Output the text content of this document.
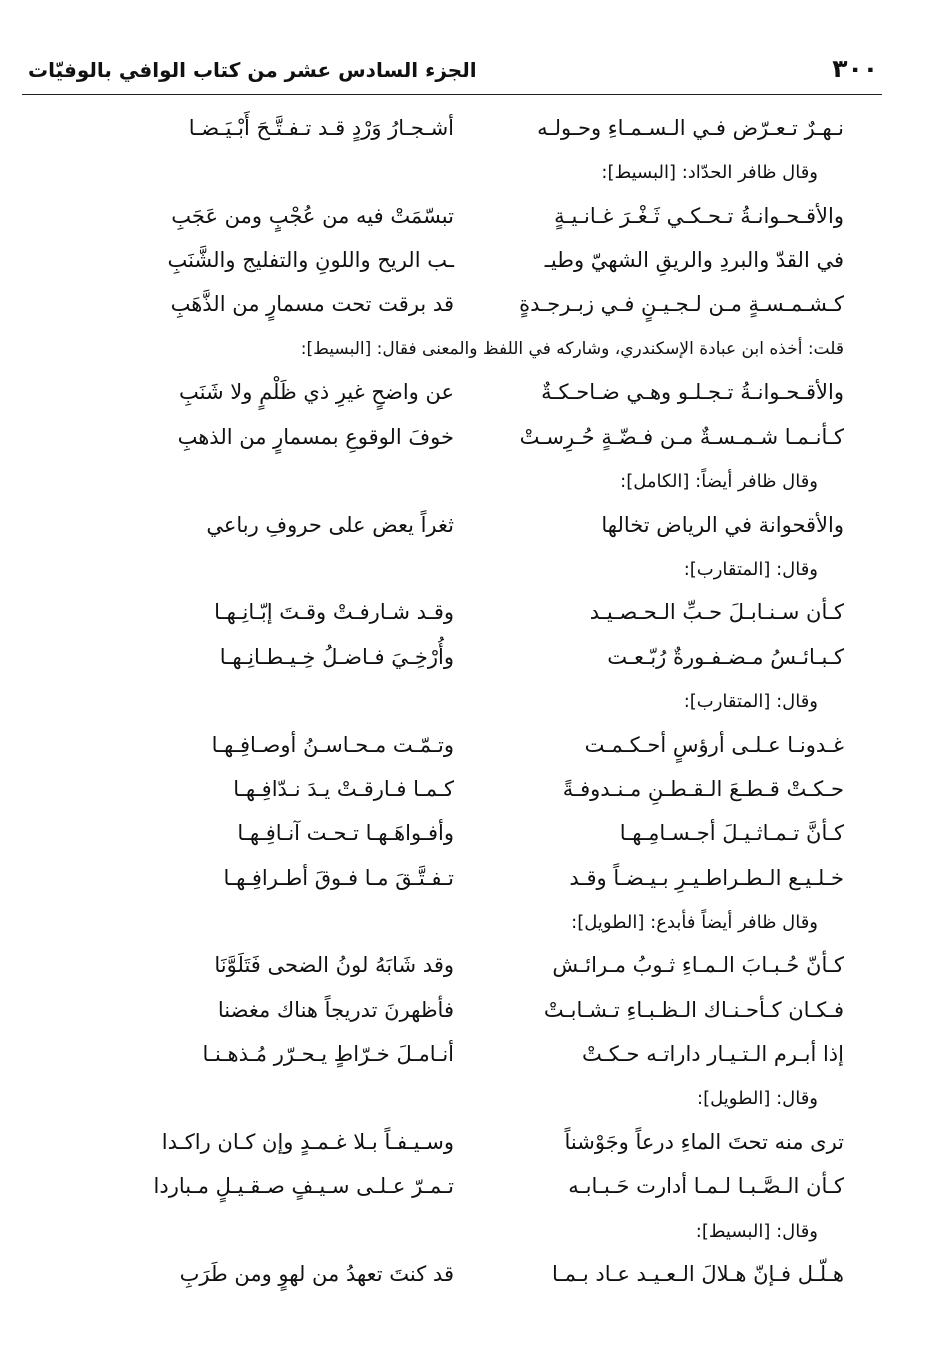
٣٠٠
الجزء السادس عشر من كتاب الوافي بالوفيّات
نـهـرٌ تـعـرّض فـي الـسـمـاءِ وحـولـه
أشـجـارُ وَرْدٍ قـد تـفـتَّـحَ أَبْـيَـضـا
وقال ظافر الحدّاد: [البسيط]:
والأقـحـوانـةُ تـحـكـي ثَـغْـرَ غـانـيـةٍ
تبسّمَتْ فيه من عُجْبٍ ومن عَجَبِ
في القدّ والبردِ والريقِ الشهيّ وطيـ
ـب الريح واللونِ والتفليج والشَّنَبِ
كـشـمـسـةٍ مـن لـجـيـنٍ فـي زبـرجـدةٍ
قد برقت تحت مسمارٍ من الذَّهَبِ
قلت: أخذه ابن عبادة الإسكندري، وشاركه في اللفظ والمعنى فقال: [البسيط]:
والأقـحـوانـةُ تـجـلـو وهـي ضـاحـكـةٌ
عن واضحٍ غيرِ ذي ظَلْمٍ ولا شَنَبِ
كـأنـمـا شـمـسـةٌ مـن فـضّـةٍ حُـرِسـتْ
خوفَ الوقوعِ بمسمارٍ من الذهبِ
وقال ظافر أيضاً: [الكامل]:
والأقحوانة في الرياض تخالها
ثغراً يعض على حروفِ رباعي
وقال: [المتقارب]:
كـأن سـنـابـلَ حـبِّ الـحـصـيـد
وقـد شـارفـتْ وقـتَ إبّـانِـهـا
كـبـائـسُ مـضـفـورةٌ رُبّـعـت
وأُرْخِـيَ فـاضـلُ خِـيـطـانِـهـا
وقال: [المتقارب]:
غـدونـا عـلـى أرؤسٍ أحـكـمـت
وتـمّـت مـحـاسـنُ أوصـافِـهـا
حـكـتْ قـطـعَ الـقـطـنِ مـنـدوفـةً
كـمـا فـارقـتْ يـدَ نـدّافِـهـا
كـأنَّ تـمـاثـيـلَ أجـسـامِـهـا
وأفـواهَـهـا تـحـت آنـافِـهـا
خـلـيـع الـطـراطـيـرِ بـيـضـاً وقـد
تـفـتَّـقَ مـا فـوقَ أطـرافِـهـا
وقال ظافر أيضاً فأبدع: [الطويل]:
كـأنّ حُـبـابَ الـمـاءِ ثـوبُ مـرائـش
وقد شَابَهُ لونُ الضحى فَتَلَوَّنَا
فـكـان كـأحـنـاك الـظـبـاءِ تـشـابـتْ
فأظهرنَ تدريجاً هناك مغضنا
إذا أبـرم الـتـيـار داراتـه حـكـتْ
أنـامـلَ خـرّاطٍ يـحـرّر مُـذهـنـا
وقال: [الطويل]:
ترى منه تحتَ الماءِ درعاً وجَوْشناً
وسـيـفـاً بـلا غـمـدٍ وإن كـان راكـدا
كـأن الـصَّـبـا لـمـا أدارت حَـبـابـه
تـمـرّ عـلـى سـيـفٍ صـقـيـلٍ مـباردا
وقال: [البسيط]:
هـلّـل فـإنّ هـلالَ الـعـيـد عـاد بـمـا
قد كنتَ تعهدُ من لهوٍ ومن طَرَبِ
